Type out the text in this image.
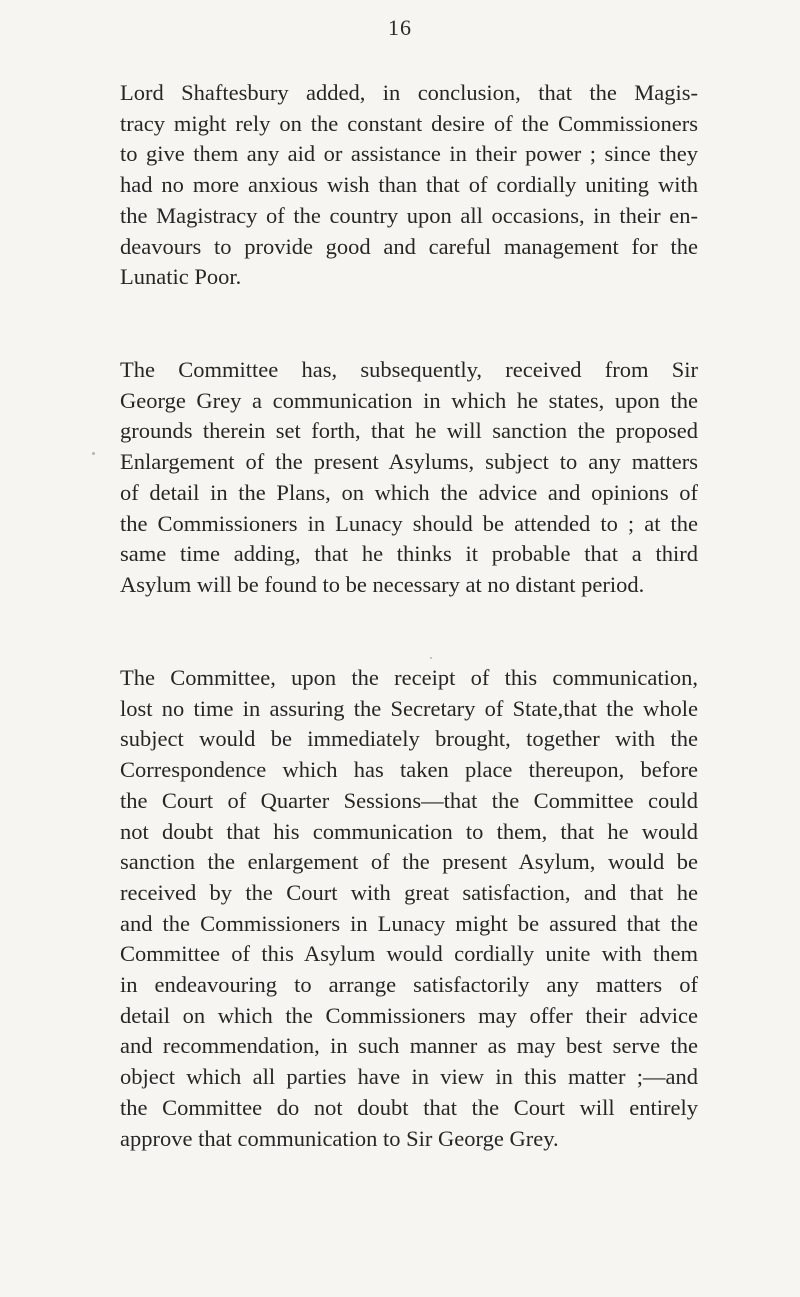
16
Lord Shaftesbury added, in conclusion, that the Magis-
tracy might rely on the constant desire of the Commissioners
to give them any aid or assistance in their power ; since they
had no more anxious wish than that of cordially uniting with
the Magistracy of the country upon all occasions, in their en-
deavours to provide good and careful management for the
Lunatic Poor.
The Committee has, subsequently, received from Sir
George Grey a communication in which he states, upon the
grounds therein set forth, that he will sanction the proposed
Enlargement of the present Asylums, subject to any matters
of detail in the Plans, on which the advice and opinions of
the Commissioners in Lunacy should be attended to ; at the
same time adding, that he thinks it probable that a third
Asylum will be found to be necessary at no distant period.
The Committee, upon the receipt of this communication,
lost no time in assuring the Secretary of State,that the whole
subject would be immediately brought, together with the
Correspondence which has taken place thereupon, before
the Court of Quarter Sessions—that the Committee could
not doubt that his communication to them, that he would
sanction the enlargement of the present Asylum, would be
received by the Court with great satisfaction, and that he
and the Commissioners in Lunacy might be assured that the
Committee of this Asylum would cordially unite with them
in endeavouring to arrange satisfactorily any matters of
detail on which the Commissioners may offer their advice
and recommendation, in such manner as may best serve the
object which all parties have in view in this matter ;—and
the Committee do not doubt that the Court will entirely
approve that communication to Sir George Grey.
